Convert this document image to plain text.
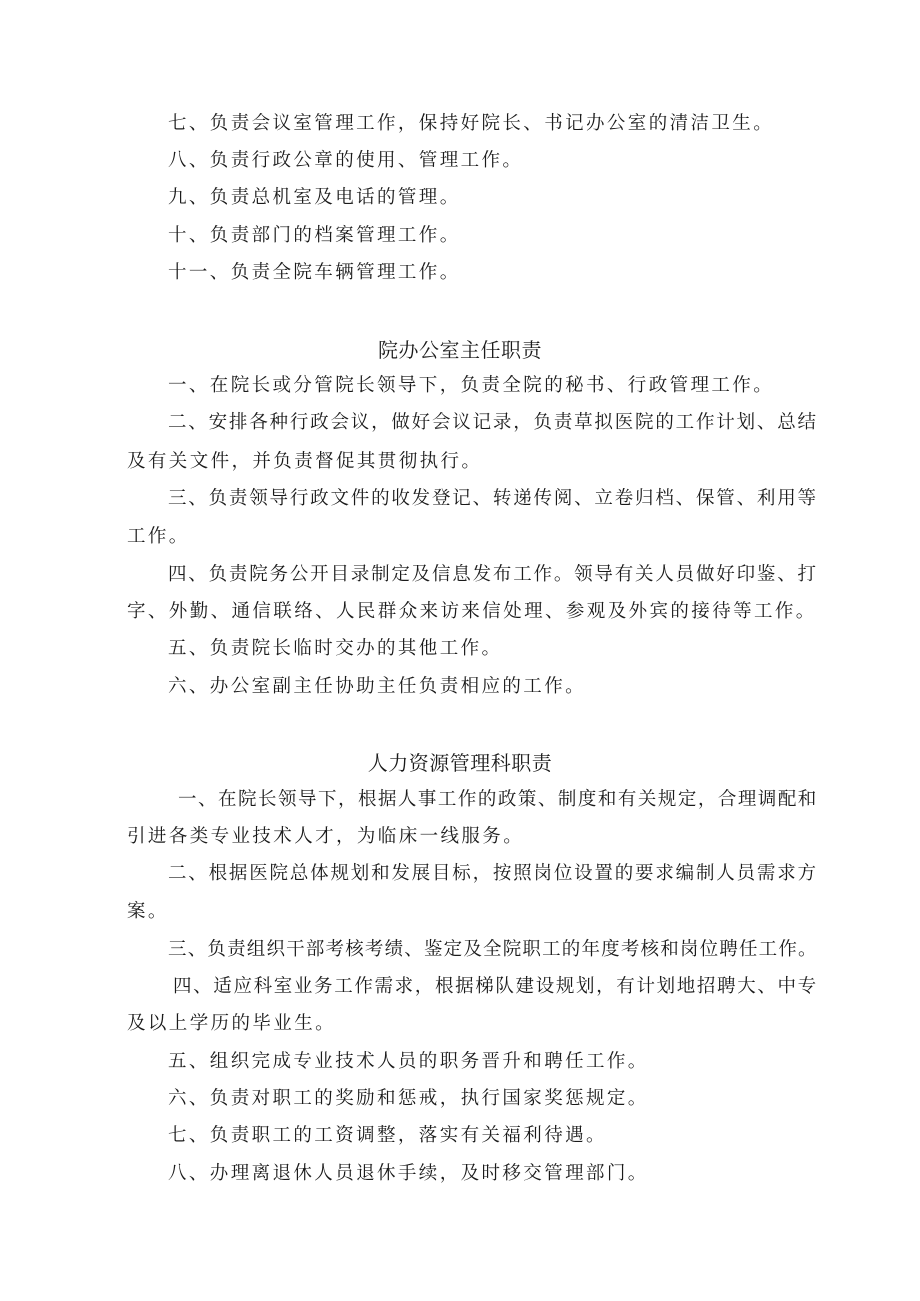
七、负责会议室管理工作，保持好院长、书记办公室的清洁卫生。
八、负责行政公章的使用、管理工作。
九、负责总机室及电话的管理。
十、负责部门的档案管理工作。
十一、负责全院车辆管理工作。
院办公室主任职责
一、在院长或分管院长领导下，负责全院的秘书、行政管理工作。
二、安排各种行政会议，做好会议记录，负责草拟医院的工作计划、总结
及有关文件，并负责督促其贯彻执行。
三、负责领导行政文件的收发登记、转递传阅、立卷归档、保管、利用等
工作。
四、负责院务公开目录制定及信息发布工作。领导有关人员做好印鉴、打
字、外勤、通信联络、人民群众来访来信处理、参观及外宾的接待等工作。
五、负责院长临时交办的其他工作。
六、办公室副主任协助主任负责相应的工作。
人力资源管理科职责
一、在院长领导下，根据人事工作的政策、制度和有关规定，合理调配和
引进各类专业技术人才，为临床一线服务。
二、根据医院总体规划和发展目标，按照岗位设置的要求编制人员需求方
案。
三、负责组织干部考核考绩、鉴定及全院职工的年度考核和岗位聘任工作。
四、适应科室业务工作需求，根据梯队建设规划，有计划地招聘大、中专
及以上学历的毕业生。
五、组织完成专业技术人员的职务晋升和聘任工作。
六、负责对职工的奖励和惩戒，执行国家奖惩规定。
七、负责职工的工资调整，落实有关福利待遇。
八、办理离退休人员退休手续，及时移交管理部门。
